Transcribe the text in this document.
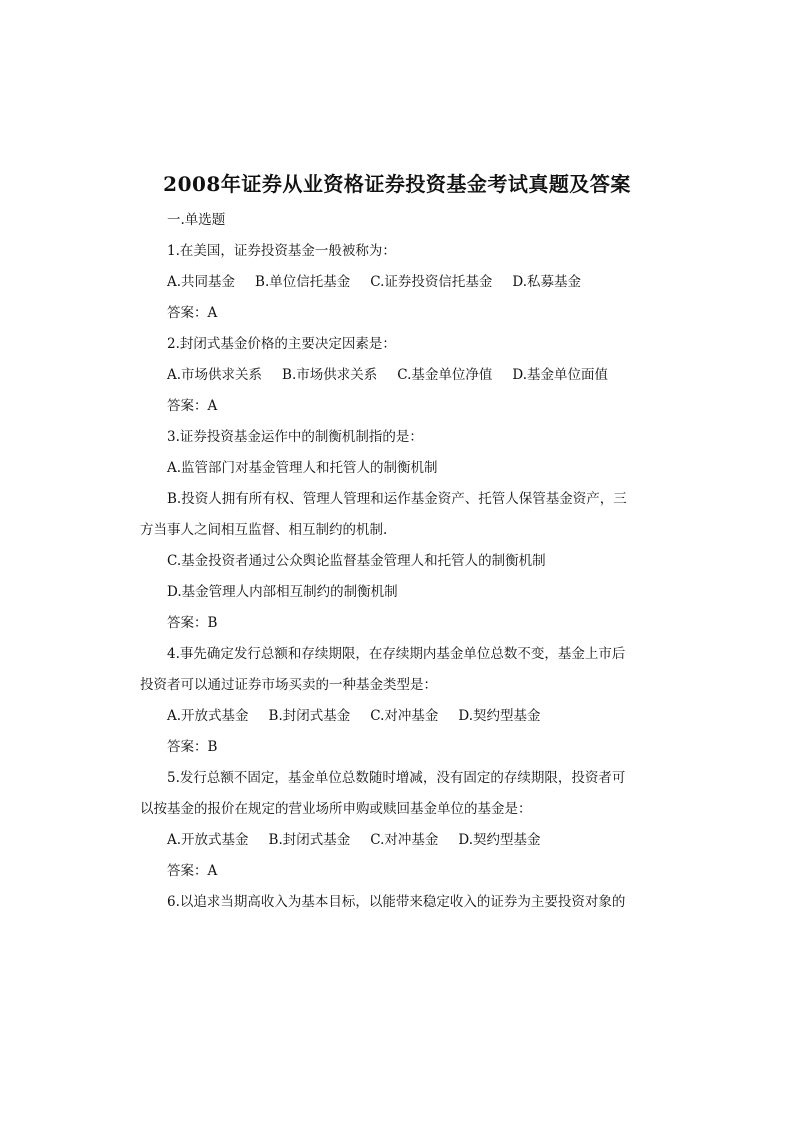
2008年证券从业资格证券投资基金考试真题及答案
一.单选题
1.在美国，证券投资基金一般被称为：
A.共同基金 B.单位信托基金 C.证券投资信托基金 D.私募基金
答案：A
2.封闭式基金价格的主要决定因素是：
A.市场供求关系 B.市场供求关系 C.基金单位净值 D.基金单位面值
答案：A
3.证券投资基金运作中的制衡机制指的是：
A.监管部门对基金管理人和托管人的制衡机制
B.投资人拥有所有权、管理人管理和运作基金资产、托管人保管基金资产，三
方当事人之间相互监督、相互制约的机制.
C.基金投资者通过公众舆论监督基金管理人和托管人的制衡机制
D.基金管理人内部相互制约的制衡机制
答案：B
4.事先确定发行总额和存续期限，在存续期内基金单位总数不变，基金上市后
投资者可以通过证券市场买卖的一种基金类型是：
A.开放式基金 B.封闭式基金 C.对冲基金 D.契约型基金
答案：B
5.发行总额不固定，基金单位总数随时增减，没有固定的存续期限，投资者可
以按基金的报价在规定的营业场所申购或赎回基金单位的基金是：
A.开放式基金 B.封闭式基金 C.对冲基金 D.契约型基金
答案：A
6.以追求当期高收入为基本目标，以能带来稳定收入的证券为主要投资对象的
